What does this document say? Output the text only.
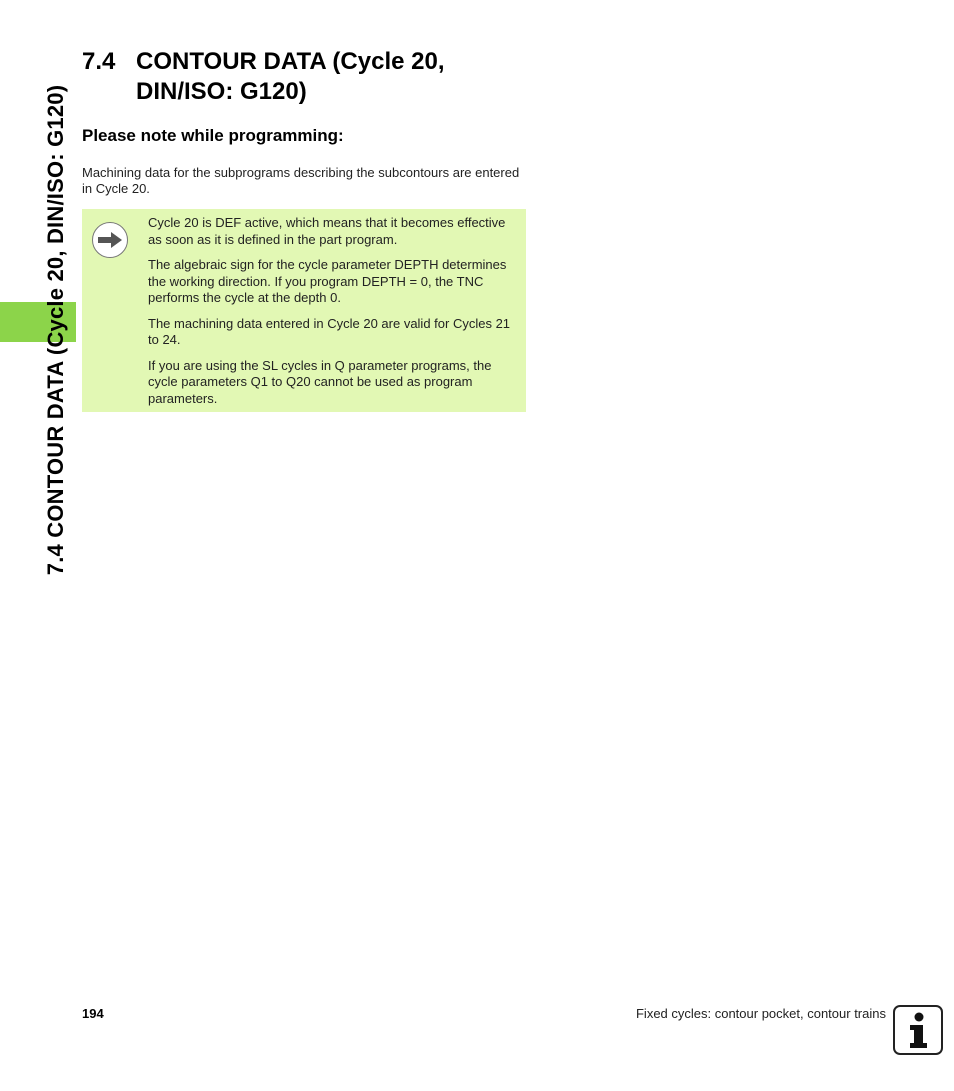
7.4 CONTOUR DATA (Cycle 20, DIN/ISO: G120)
7.4 CONTOUR DATA (Cycle 20, DIN/ISO: G120)
Please note while programming:

Machining data for the subprograms describing the subcontours are entered in Cycle 20.

Cycle 20 is DEF active, which means that it becomes effective as soon as it is defined in the part program.

The algebraic sign for the cycle parameter DEPTH determines the working direction. If you program DEPTH = 0, the TNC performs the cycle at the depth 0.

The machining data entered in Cycle 20 are valid for Cycles 21 to 24.

If you are using the SL cycles in Q parameter programs, the cycle parameters Q1 to Q20 cannot be used as program parameters.

194	Fixed cycles: contour pocket, contour trains
